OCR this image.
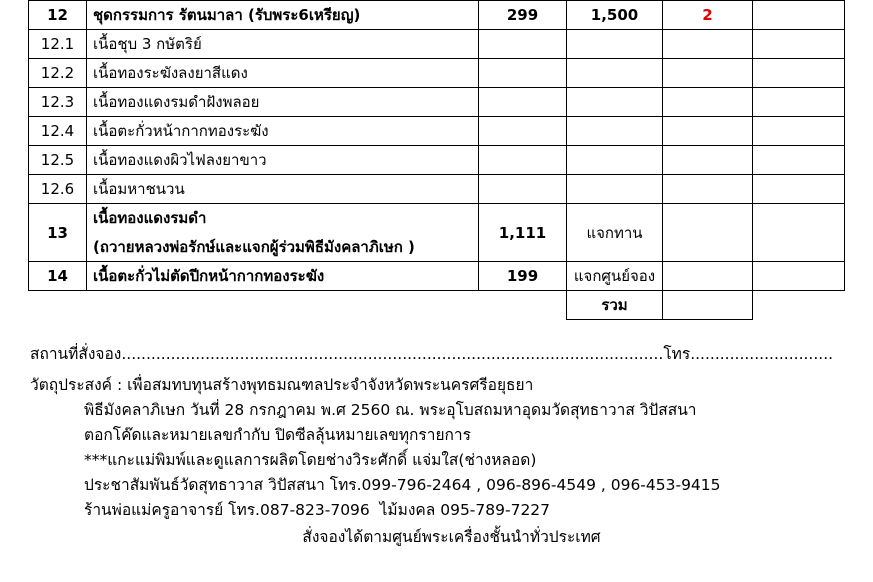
12	ชุดกรรมการ รัตนมาลา (รับพระ6เหรียญ)	299	1,500	2	
12.1	เนื้อชุบ 3 กษัตริย์				
12.2	เนื้อทองระฆังลงยาสีแดง				
12.3	เนื้อทองแดงรมดำฝังพลอย				
12.4	เนื้อตะกั่วหน้ากากทองระฆัง				
12.5	เนื้อทองแดงผิวไฟลงยาขาว				
12.6	เนื้อมหาชนวน				
13	เนื้อทองแดงรมดำ	1,111	แจกทาน		
	(ถวายหลวงพ่อรักษ์และแจกผู้ร่วมพิธีมังคลาภิเษก )				
14	เนื้อตะกั่วไม่ตัดปีกหน้ากากทองระฆัง	199	แจกศูนย์จอง		
			รวม		
สถานที่สั่งจอง..............................................................................................................โทร.............................
วัตถุประสงค์ : เพื่อสมทบทุนสร้างพุทธมณฑลประจำจังหวัดพระนครศรีอยุธยา
พิธีมังคลาภิเษก วันที่ 28 กรกฎาคม พ.ศ 2560 ณ. พระอุโบสถมหาอุดมวัดสุทธาวาส วิปัสสนา
ตอกโค๊ดและหมายเลขกำกับ ปิดซีลลุ้นหมายเลขทุกรายการ
***แกะแม่พิมพ์และดูแลการผลิตโดยช่างวิระศักดิ์ แจ่มใส(ช่างหลอด)
ประชาสัมพันธ์วัดสุทธาวาส วิปัสสนา โทร.099-796-2464 , 096-896-4549 , 096-453-9415
ร้านพ่อแม่ครูอาจารย์ โทร.087-823-7096  ไม้มงคล 095-789-7227
สั่งจองได้ตามศูนย์พระเครื่องชั้นนำทั่วประเทศ
